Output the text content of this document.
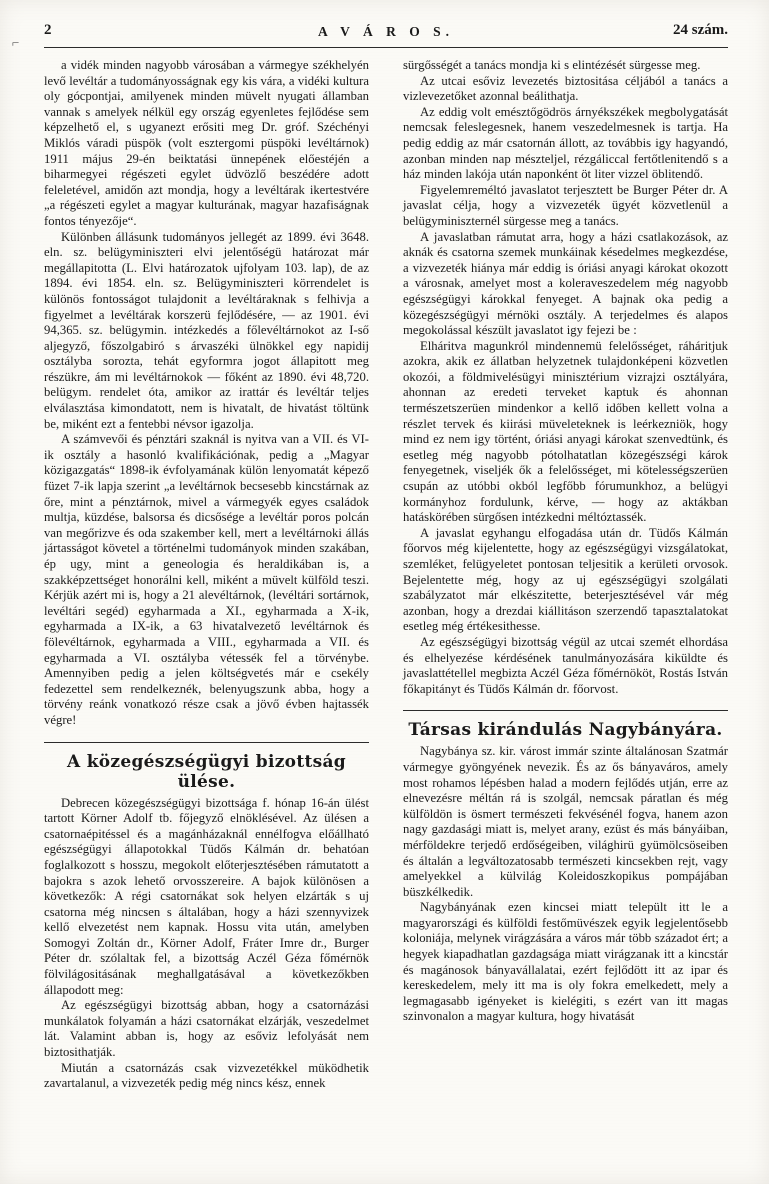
⌐
2	A V Á R O S.	24 szám.

a vidék minden nagyobb városában a vármegye székhelyén levő levéltár a tudományosságnak egy kis vára, a vidéki kultura oly gócpontjai, amilyenek minden müvelt nyugati államban vannak s amelyek nélkül egy ország egyenletes fejlődése sem képzelhető el, s ugyanezt erősiti meg Dr. gróf. Széchényi Miklós váradi püspök (volt esztergomi püspöki levéltárnok) 1911 május 29-én beiktatási ünnepének előestéjén a biharmegyei régészeti egylet üdvözlő beszédére adott feleletével, amidőn azt mondja, hogy a levéltárak ikertestvére „a régészeti egylet a magyar kulturának, magyar hazafiságnak fontos tényezője“.

Különben állásunk tudományos jellegét az 1899. évi 3648. eln. sz. belügyminiszteri elvi jelentőségü határozat már megállapitotta (L. Elvi határozatok ujfolyam 103. lap), de az 1894. évi 1854. eln. sz. Belügyminiszteri körrendelet is különös fontosságot tulajdonit a levéltáraknak s felhivja a figyelmet a levéltárak korszerü fejlődésére, — az 1901. évi 94,365. sz. belügymin. intézkedés a főlevéltárnokot az I-ső aljegyző, főszolgabiró s árvaszéki ülnökkel egy napidij osztályba sorozta, tehát egyformra jogot állapitott meg részükre, ám mi levéltárnokok — főként az 1890. évi 48,720. belügym. rendelet óta, amikor az irattár és levéltár teljes elválasztása kimondatott, nem is hivatalt, de hivatást töltünk be, miként ezt a fentebbi névsor igazolja.

A számvevői és pénztári szaknál is nyitva van a VII. és VI-ik osztály a hasonló kvalifikációnak, pedig a „Magyar közigazgatás“ 1898-ik évfolyamának külön lenyomatát képező füzet 7-ik lapja szerint „a levéltárnok becsesebb kincstárnak az őre, mint a pénztárnok, mivel a vármegyék egyes családok multja, küzdése, balsorsa és dicsősége a levéltár poros polcán van megőrizve és oda szakember kell, mert a levéltárnoki állás jártasságot követel a történelmi tudományok minden szakában, ép ugy, mint a geneologia és heraldikában is, a szakképzettséget honorálni kell, miként a müvelt külföld teszi. Kérjük azért mi is, hogy a 21 alevéltárnok, (levéltári sortárnok, levéltári segéd) egyharmada a XI., egyharmada a X-ik, egyharmada a IX-ik, a 63 hivatalvezető levéltárnok és fölevéltárnok, egyharmada a VIII., egyharmada a VII. és egyharmada a VI. osztályba vétessék fel a törvénybe. Amennyiben pedig a jelen költségvetés már e csekély fedezettel sem rendelkeznék, belenyugszunk abba, hogy a törvény reánk vonatkozó része csak a jövő évben hajtassék végre!

A közegészségügyi bizottság ülése.

Debrecen közegészségügyi bizottsága f. hónap 16-án ülést tartott Körner Adolf tb. főjegyző elnöklésével. Az ülésen a csatornaépitéssel és a magánházaknál ennélfogva előállható egészségügyi állapotokkal Tüdős Kálmán dr. behatóan foglalkozott s hosszu, megokolt előterjesztésében rámutatott a bajokra s azok lehető orvosszereire. A bajok különösen a következők: A régi csatornákat sok helyen elzárták s uj csatorna még nincsen s általában, hogy a házi szennyvizek kellő elvezetést nem kapnak. Hossu vita után, amelyben Somogyi Zoltán dr., Körner Adolf, Fráter Imre dr., Burger Péter dr. szólaltak fel, a bizottság Aczél Géza főmérnök fölvilágositásának meghallgatásával a következőkben állapodott meg:

Az egészségügyi bizottság abban, hogy a csatornázási munkálatok folyamán a házi csatornákat elzárják, veszedelmet lát. Valamint abban is, hogy az esőviz lefolyását nem biztosithatják.

Miután a csatornázás csak vizvezetékkel müködhetik zavartalanul, a vizvezeték pedig még nincs kész, ennek

sürgősségét a tanács mondja ki s elintézését sürgesse meg.

Az utcai esőviz levezetés biztositása céljából a tanács a vizlevezetőket azonnal beálithatja.

Az eddig volt emésztőgödrös árnyékszékek megbolygatását nemcsak feleslegesnek, hanem veszedelmesnek is tartja. Ha pedig eddig az már csatornán állott, az továbbis igy hagyandó, azonban minden nap mészteljel, rézgáliccal fertőtlenitendő s a ház minden lakója után naponként öt liter vizzel öblitendő.

Figyelemreméltó javaslatot terjesztett be Burger Péter dr. A javaslat célja, hogy a vizvezeték ügyét közvetlenül a belügyminiszternél sürgesse meg a tanács.

A javaslatban rámutat arra, hogy a házi csatlakozások, az aknák és csatorna szemek munkáinak késedelmes megkezdése, a vizvezeték hiánya már eddig is óriási anyagi károkat okozott a városnak, amelyet most a koleraveszedelem még nagyobb egészségügyi károkkal fenyeget. A bajnak oka pedig a közegészségügyi mérnöki osztály. A terjedelmes és alapos megokolással készült javaslatot igy fejezi be :

Elháritva magunkról mindennemü felelősséget, ráháritjuk azokra, akik ez állatban helyzetnek tulajdonképeni közvetlen okozói, a földmivelésügyi minisztérium vizrajzi osztályára, ahonnan az eredeti terveket kaptuk és ahonnan természetszerüen mindenkor a kellő időben kellett volna a részlet tervek és kiirási müveleteknek is leérkezniök, hogy mind ez nem igy történt, óriási anyagi károkat szenvedtünk, és esetleg még nagyobb pótolhatatlan közegészségi károk fenyegetnek, viseljék ők a felelősséget, mi kötelességszerüen csupán az utóbbi okból legfőbb fórumunkhoz, a belügyi kormányhoz fordulunk, kérve, — hogy az aktákban hatáskörében sürgősen intézkedni méltóztassék.

A javaslat egyhangu elfogadása után dr. Tüdős Kálmán főorvos még kijelentette, hogy az egészségügyi vizsgálatokat, szemléket, felügyeletet pontosan teljesitik a kerületi orvosok. Bejelentette még, hogy az uj egészségügyi szolgálati szabályzatot már elkészitette, beterjesztésével vár még azonban, hogy a drezdai kiállitáson szerzendő tapasztalatokat esetleg még értékesithesse.

Az egészségügyi bizottság végül az utcai szemét elhordása és elhelyezése kérdésének tanulmányozására kiküldte és javaslattétellel megbizta Aczél Géza főmérnököt, Rostás István főkapitányt és Tüdős Kálmán dr. főorvost.

Társas kirándulás Nagybányára.

Nagybánya sz. kir. várost immár szinte általánosan Szatmár vármegye gyöngyének nevezik. És az ős bányaváros, amely most rohamos lépésben halad a modern fejlődés utján, erre az elnevezésre méltán rá is szolgál, nemcsak páratlan és még külföldön is ösmert természeti fekvésénél fogva, hanem azon nagy gazdasági miatt is, melyet arany, ezüst és más bányáiban, mérföldekre terjedő erdőségeiben, világhirü gyümölcsöseiben és általán a legváltozatosabb természeti kincsekben rejt, vagy amelyekkel a külvilág Koleidoszkopikus pompájában büszkélkedik.

Nagybányának ezen kincsei miatt települt itt le a magyarországi és külföldi festőmüvészek egyik legjelentősebb koloniája, melynek virágzására a város már több századot ért; a hegyek kiapadhatlan gazdagsága miatt virágzanak itt a kincstár és magánosok bányavállalatai, ezért fejlődött itt az ipar és kereskedelem, mely itt ma is oly fokra emelkedett, mely a legmagasabb igényeket is kielégiti, s ezért van itt magas szinvonalon a magyar kultura, hogy hivatását
